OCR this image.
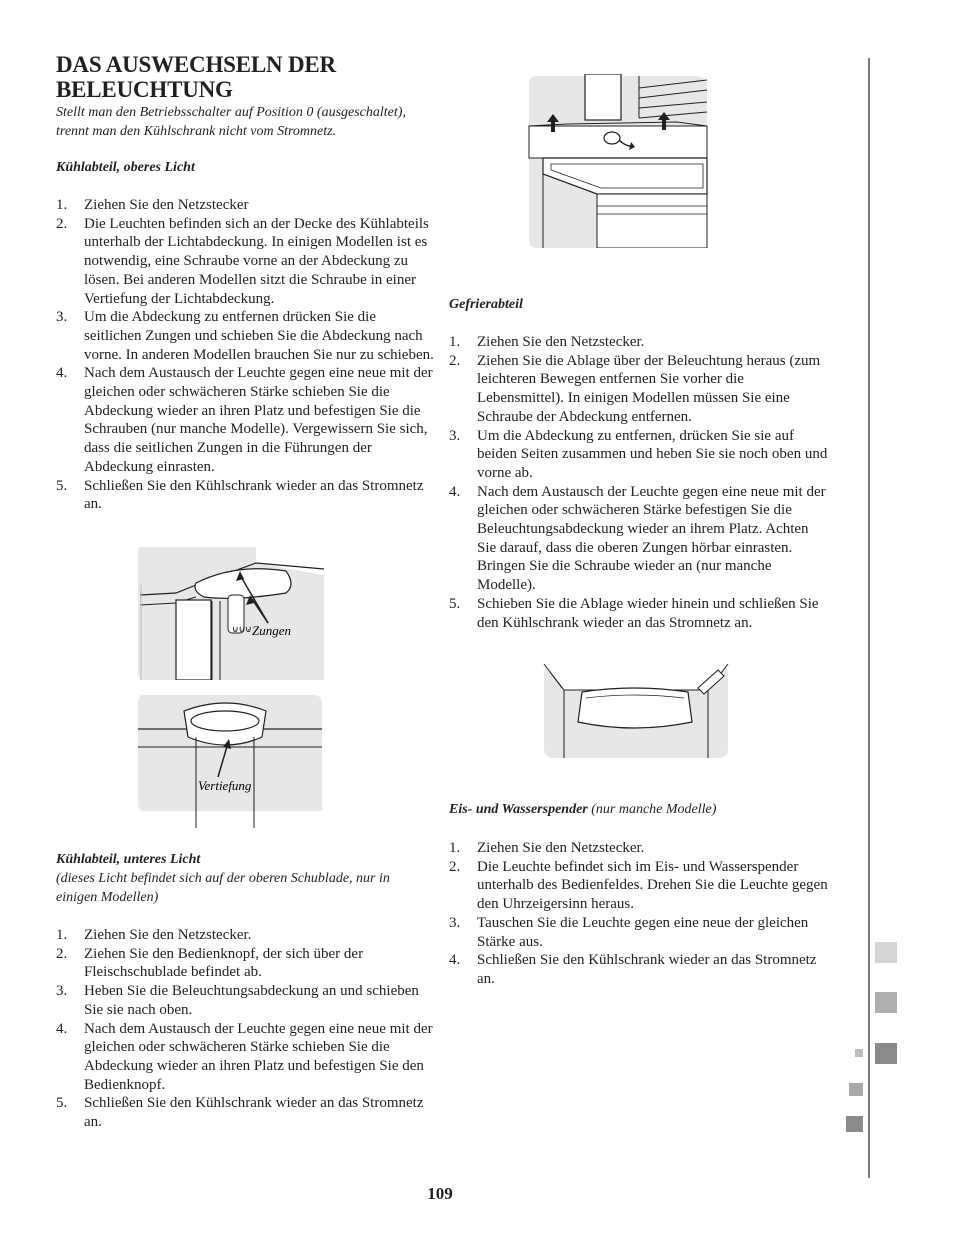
DAS AUSWECHSELN DER BELEUCHTUNG
Stellt man den Betriebsschalter auf Position 0 (ausgeschaltet), trennt man den Kühlschrank nicht vom Stromnetz.
Kühlabteil, oberes Licht
1. Ziehen Sie den Netzstecker
2. Die Leuchten befinden sich an der Decke des Kühlabteils unterhalb der Lichtabdeckung. In einigen Modellen ist es notwendig, eine Schraube vorne an der Abdeckung zu lösen. Bei anderen Modellen sitzt die Schraube in einer Vertiefung der Lichtabdeckung.
3. Um die Abdeckung zu entfernen drücken Sie die seitlichen Zungen und schieben Sie die Abdeckung nach vorne. In anderen Modellen brauchen Sie nur zu schieben.
4. Nach dem Austausch der Leuchte gegen eine neue mit der gleichen oder schwächeren Stärke schieben Sie die Abdeckung wieder an ihren Platz und befestigen Sie die Schrauben (nur manche Modelle). Vergewissern Sie sich, dass die seitlichen Zungen in die Führungen der Abdeckung einrasten.
5. Schließen Sie den Kühlschrank wieder an das Stromnetz an.
⊍⊍⊍ Zungen
Vertiefung
Kühlabteil, unteres Licht
(dieses Licht befindet sich auf der oberen Schublade, nur in einigen Modellen)
1. Ziehen Sie den Netzstecker.
2. Ziehen Sie den Bedienknopf, der sich über der Fleischschublade befindet ab.
3. Heben Sie die Beleuchtungsabdeckung an und schieben Sie sie nach oben.
4. Nach dem Austausch der Leuchte gegen eine neue mit der gleichen oder schwächeren Stärke schieben Sie die Abdeckung wieder an ihren Platz und befestigen Sie den Bedienknopf.
5. Schließen Sie den Kühlschrank wieder an das Stromnetz an.
Gefrierabteil
1. Ziehen Sie den Netzstecker.
2. Ziehen Sie die Ablage über der Beleuchtung heraus (zum leichteren Bewegen entfernen Sie vorher die Lebensmittel). In einigen Modellen müssen Sie eine Schraube der Abdeckung entfernen.
3. Um die Abdeckung zu entfernen, drücken Sie sie auf beiden Seiten zusammen und heben Sie sie noch oben und vorne ab.
4. Nach dem Austausch der Leuchte gegen eine neue mit der gleichen oder schwächeren Stärke befestigen Sie die Beleuchtungsabdeckung wieder an ihrem Platz. Achten Sie darauf, dass die oberen Zungen hörbar einrasten. Bringen Sie die Schraube wieder an (nur manche Modelle).
5. Schieben Sie die Ablage wieder hinein und schließen Sie den Kühlschrank wieder an das Stromnetz an.
Eis- und Wasserspender (nur manche Modelle)
1. Ziehen Sie den Netzstecker.
2. Die Leuchte befindet sich im Eis- und Wasserspender unterhalb des Bedienfeldes. Drehen Sie die Leuchte gegen den Uhrzeigersinn heraus.
3. Tauschen Sie die Leuchte gegen eine neue der gleichen Stärke aus.
4. Schließen Sie den Kühlschrank wieder an das Stromnetz an.
109
